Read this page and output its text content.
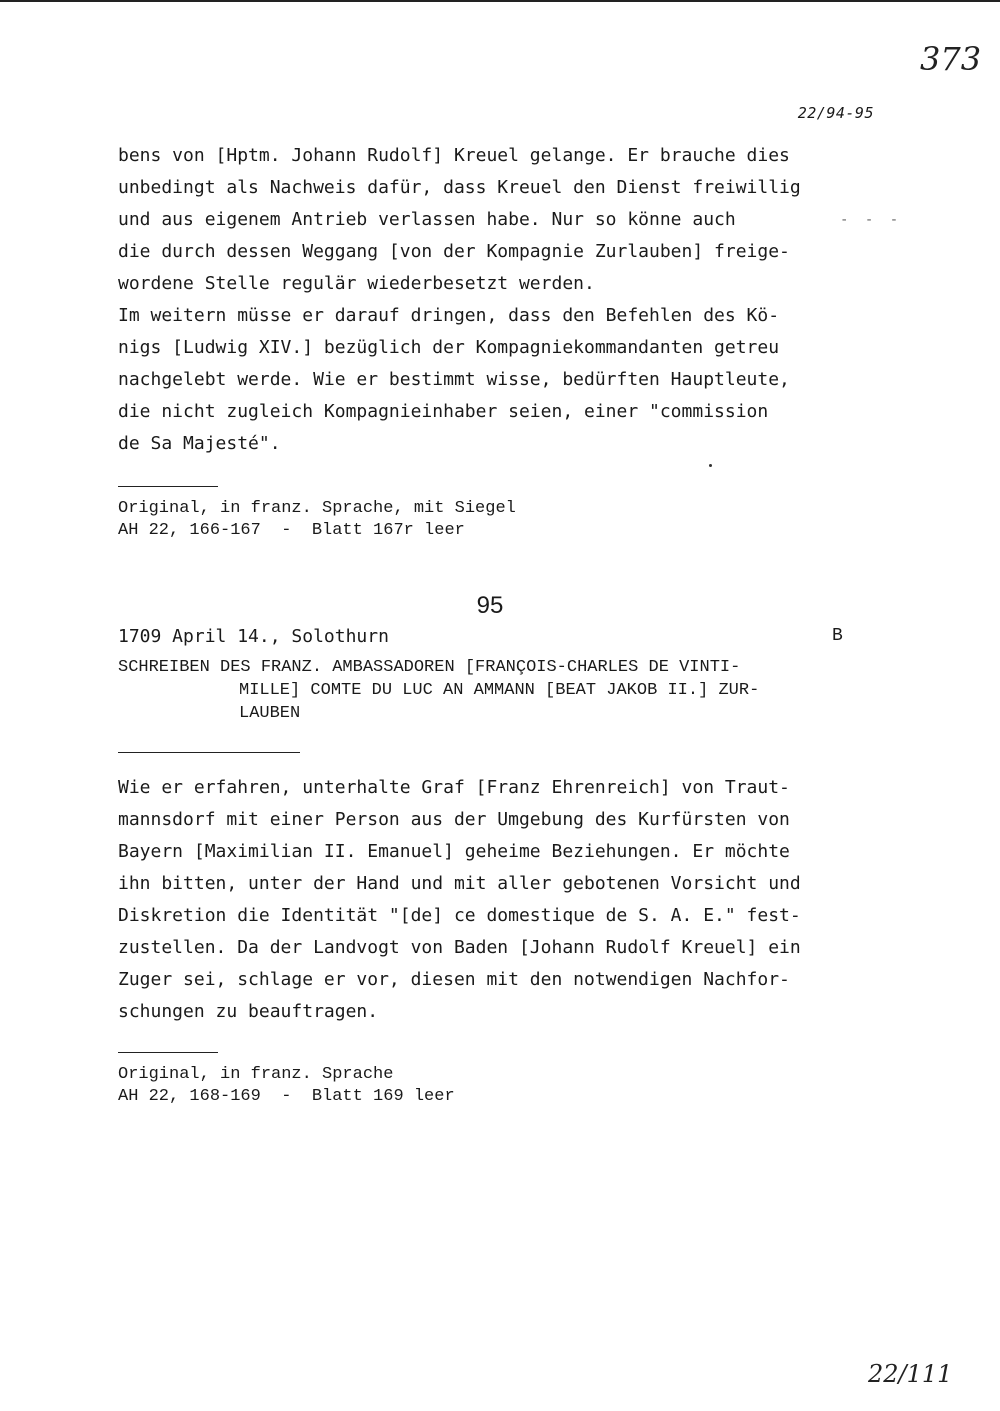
373
22/94-95

bens von [Hptm. Johann Rudolf] Kreuel gelange. Er brauche dies
unbedingt als Nachweis dafür, dass Kreuel den Dienst freiwillig
und aus eigenem Antrieb verlassen habe. Nur so könne auch
die durch dessen Weggang [von der Kompagnie Zurlauben] freige-
wordene Stelle regulär wiederbesetzt werden.

- - -

Im weitern müsse er darauf dringen, dass den Befehlen des Kö-
nigs [Ludwig XIV.] bezüglich der Kompagniekommandanten getreu
nachgelebt werde. Wie er bestimmt wisse, bedürften Hauptleute,
die nicht zugleich Kompagnieinhaber seien, einer "commission
de Sa Majesté".

Original, in franz. Sprache, mit Siegel
AH 22, 166-167  -  Blatt 167r leer

95
1709 April 14., Solothurn	B

SCHREIBEN DES FRANZ. AMBASSADOREN [FRANÇOIS-CHARLES DE VINTI-
MILLE] COMTE DU LUC AN AMMANN [BEAT JAKOB II.] ZUR-
LAUBEN

Wie er erfahren, unterhalte Graf [Franz Ehrenreich] von Traut-
mannsdorf mit einer Person aus der Umgebung des Kurfürsten von
Bayern [Maximilian II. Emanuel] geheime Beziehungen. Er möchte
ihn bitten, unter der Hand und mit aller gebotenen Vorsicht und
Diskretion die Identität "[de] ce domestique de S. A. E." fest-
zustellen. Da der Landvogt von Baden [Johann Rudolf Kreuel] ein
Zuger sei, schlage er vor, diesen mit den notwendigen Nachfor-
schungen zu beauftragen.

Original, in franz. Sprache
AH 22, 168-169  -  Blatt 169 leer

22/111
